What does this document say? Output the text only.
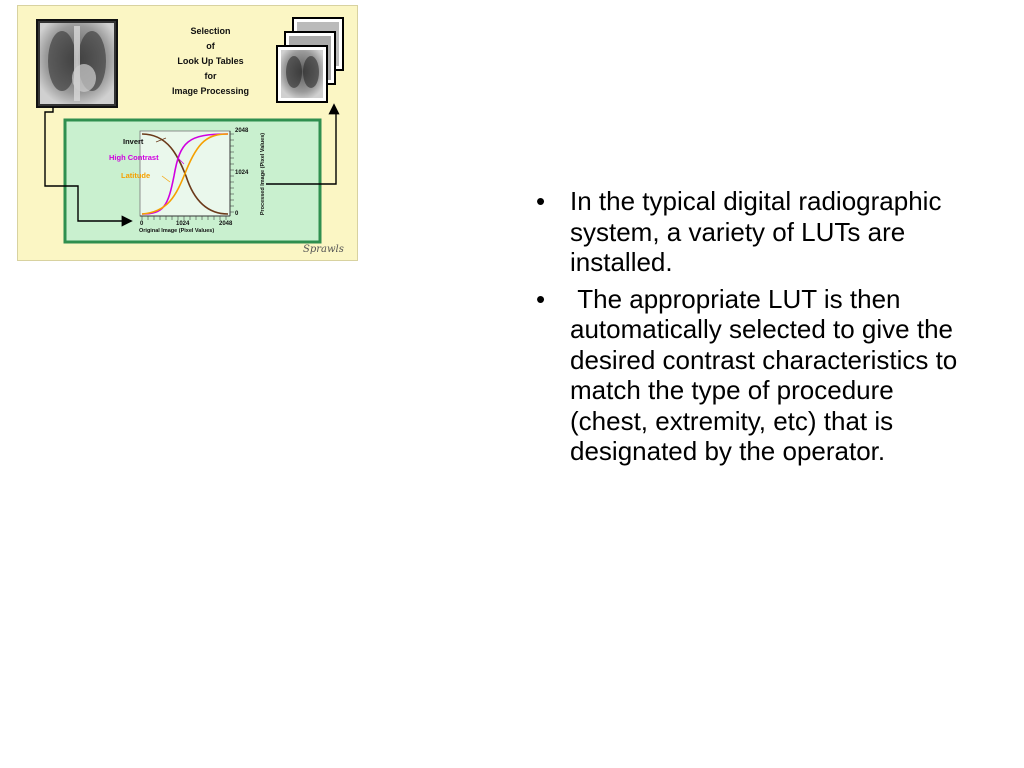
Selection
of
Look Up Tables
for
Image Processing
Invert
High Contrast
Latitude
0	1024	2048
Original Image (Pixel Values)
2048
1024
0	Processed Image (Pixel Values)
Sprawls
• In the typical digital radiographic system, a variety of LUTs are installed.
• The appropriate LUT is then automatically selected to give the desired contrast characteristics to match the type of procedure (chest, extremity, etc) that is designated by the operator.
